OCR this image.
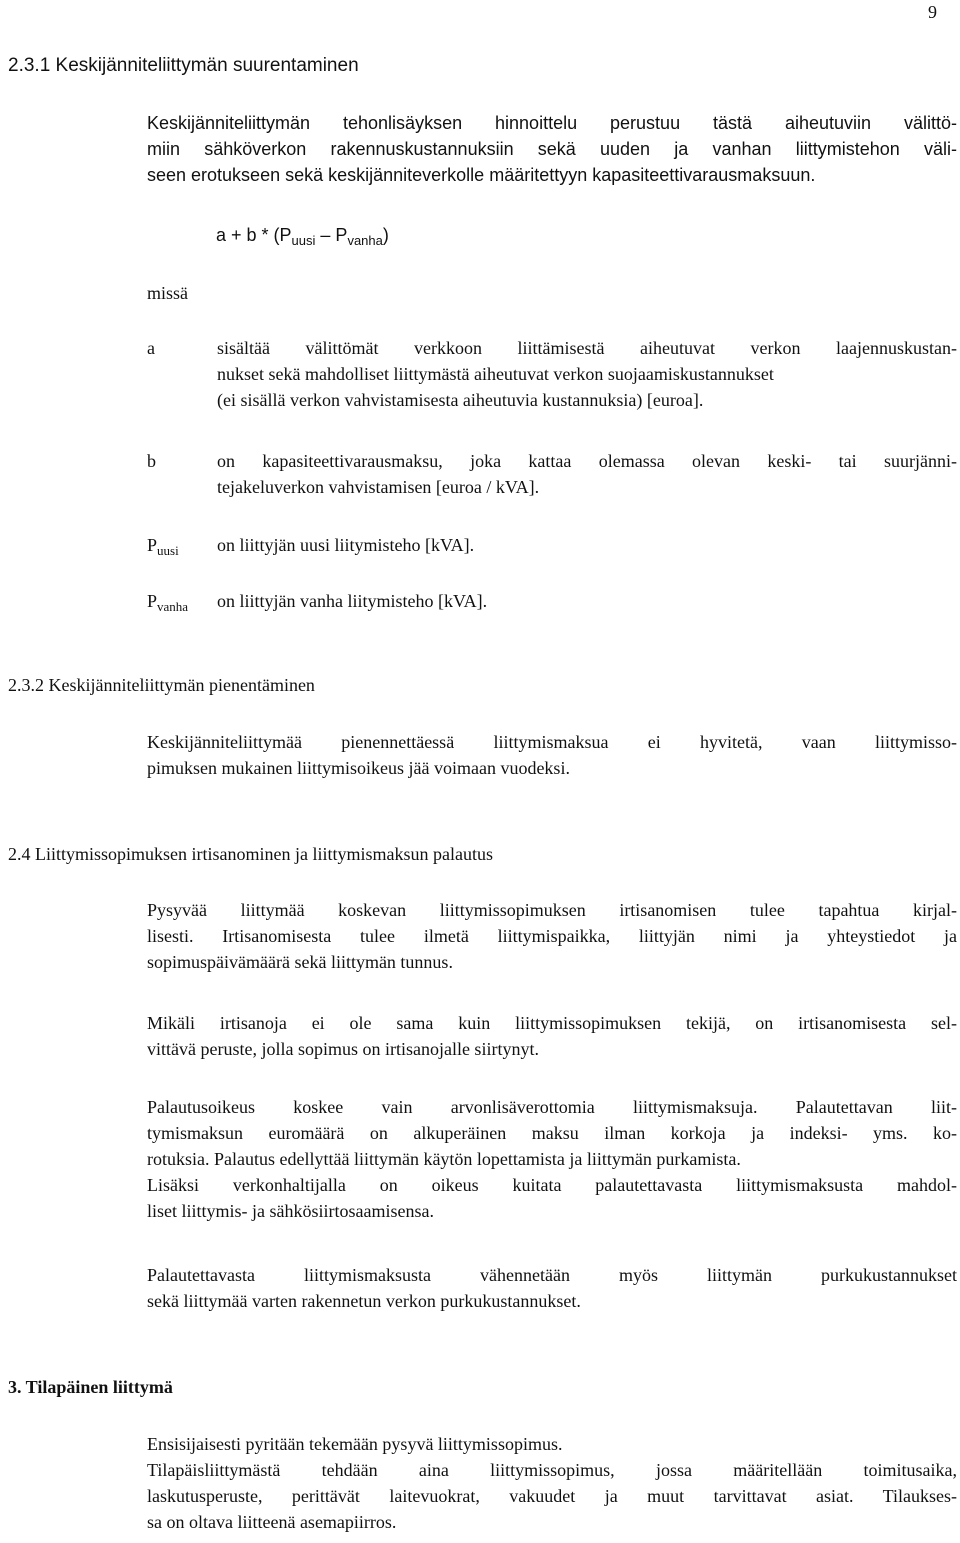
9
2.3.1 Keskijänniteliittymän suurentaminen
Keskijänniteliittymän tehonlisäyksen hinnoittelu perustuu tästä aiheutuviin välittö-
miin sähköverkon rakennuskustannuksiin sekä uuden ja vanhan liittymistehon väli-
seen erotukseen sekä keskijänniteverkolle määritettyyn kapasiteettivarausmaksuun.
$a + b * (P_{uusi} - P_{vanha})$
missä
a	sisältää välittömät verkkoon liittämisestä aiheutuvat verkon laajennuskustan-
nukset sekä mahdolliset liittymästä aiheutuvat verkon suojaamiskustannukset
(ei sisällä verkon vahvistamisesta aiheutuvia kustannuksia) [euroa].
b	on kapasiteettivarausmaksu, joka kattaa olemassa olevan keski- tai suurjänni-
tejakeluverkon vahvistamisen [euroa / kVA].
$P_{uusi}$ on liittyjän uusi liitymisteho [kVA].
$P_{vanha}$ on liittyjän vanha liitymisteho [kVA].
2.3.2 Keskijänniteliittymän pienentäminen
Keskijänniteliittymää pienennettäessä liittymismaksua ei hyvitetä, vaan liittymisso-
pimuksen mukainen liittymisoikeus jää voimaan vuodeksi.
2.4 Liittymissopimuksen irtisanominen ja liittymismaksun palautus
Pysyvää liittymää koskevan liittymissopimuksen irtisanomisen tulee tapahtua kirjal-
lisesti. Irtisanomisesta tulee ilmetä liittymispaikka, liittyjän nimi ja yhteystiedot ja
sopimuspäivämäärä sekä liittymän tunnus.
Mikäli irtisanoja ei ole sama kuin liittymissopimuksen tekijä, on irtisanomisesta sel-
vittävä peruste, jolla sopimus on irtisanojalle siirtynyt.
Palautusoikeus koskee vain arvonlisäverottomia liittymismaksuja. Palautettavan liit-
tymismaksun euromäärä on alkuperäinen maksu ilman korkoja ja indeksi- yms. ko-
rotuksia. Palautus edellyttää liittymän käytön lopettamista ja liittymän purkamista.
Lisäksi verkonhaltijalla on oikeus kuitata palautettavasta liittymismaksusta mahdol-
liset liittymis- ja sähkösiirtosaamisensa.
Palautettavasta liittymismaksusta vähennetään myös liittymän purkukustannukset
sekä liittymää varten rakennetun verkon purkukustannukset.
3. Tilapäinen liittymä
Ensisijaisesti pyritään tekemään pysyvä liittymissopimus.
Tilapäisliittymästä tehdään aina liittymissopimus, jossa määritellään toimitusaika,
laskutusperuste, perittävät laitevuokrat, vakuudet ja muut tarvittavat asiat. Tilaukses-
sa on oltava liitteenä asemapiirros.
